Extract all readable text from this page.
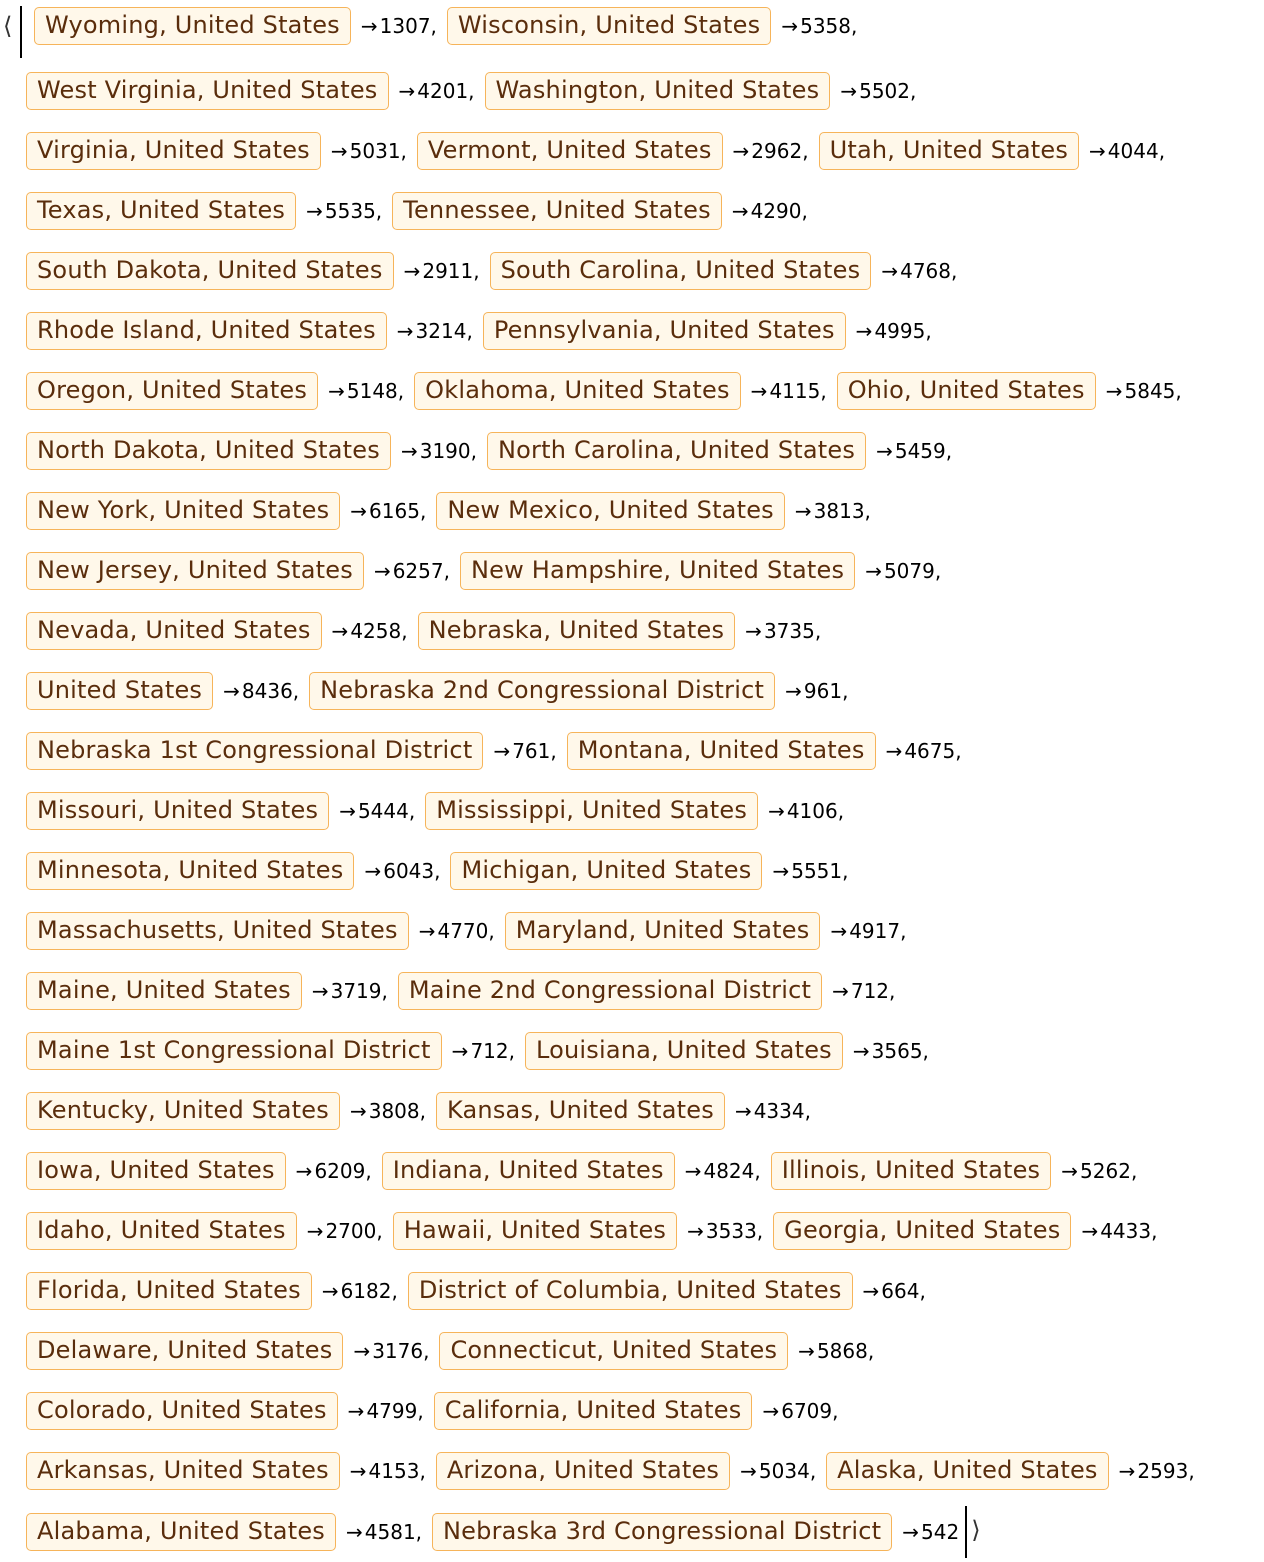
⟨	Wyoming, United States	→ 1307 , Wisconsin, United States	→ 5358 ,
West Virginia, United States	→ 4201 , Washington, United States	→ 5502 ,
Virginia, United States	→ 5031 , Vermont, United States	→ 2962 , Utah, United States	→ 4044 ,
Texas, United States	→ 5535 , Tennessee, United States	→ 4290 ,
South Dakota, United States	→ 2911 , South Carolina, United States	→ 4768 ,
Rhode Island, United States	→ 3214 , Pennsylvania, United States	→ 4995 ,
Oregon, United States	→ 5148 , Oklahoma, United States	→ 4115 , Ohio, United States	→ 5845 ,
North Dakota, United States	→ 3190 , North Carolina, United States	→ 5459 ,
New York, United States	→ 6165 , New Mexico, United States	→ 3813 ,
New Jersey, United States	→ 6257 , New Hampshire, United States	→ 5079 ,
Nevada, United States	→ 4258 , Nebraska, United States	→ 3735 ,
United States	→ 8436 , Nebraska 2nd Congressional District	→ 961 ,
Nebraska 1st Congressional District	→ 761 , Montana, United States	→ 4675 ,
Missouri, United States	→ 5444 , Mississippi, United States	→ 4106 ,
Minnesota, United States	→ 6043 , Michigan, United States	→ 5551 ,
Massachusetts, United States	→ 4770 , Maryland, United States	→ 4917 ,
Maine, United States	→ 3719 , Maine 2nd Congressional District	→ 712 ,
Maine 1st Congressional District	→ 712 , Louisiana, United States	→ 3565 ,
Kentucky, United States	→ 3808 , Kansas, United States	→ 4334 ,
Iowa, United States	→ 6209 , Indiana, United States	→ 4824 , Illinois, United States	→ 5262 ,
Idaho, United States	→ 2700 , Hawaii, United States	→ 3533 , Georgia, United States	→ 4433 ,
Florida, United States	→ 6182 , District of Columbia, United States	→ 664 ,
Delaware, United States	→ 3176 , Connecticut, United States	→ 5868 ,
Colorado, United States	→ 4799 , California, United States	→ 6709 ,
Arkansas, United States	→ 4153 , Arizona, United States	→ 5034 , Alaska, United States	→ 2593 ,
Alabama, United States	→ 4581 , Nebraska 3rd Congressional District	→ 542 ⟩
